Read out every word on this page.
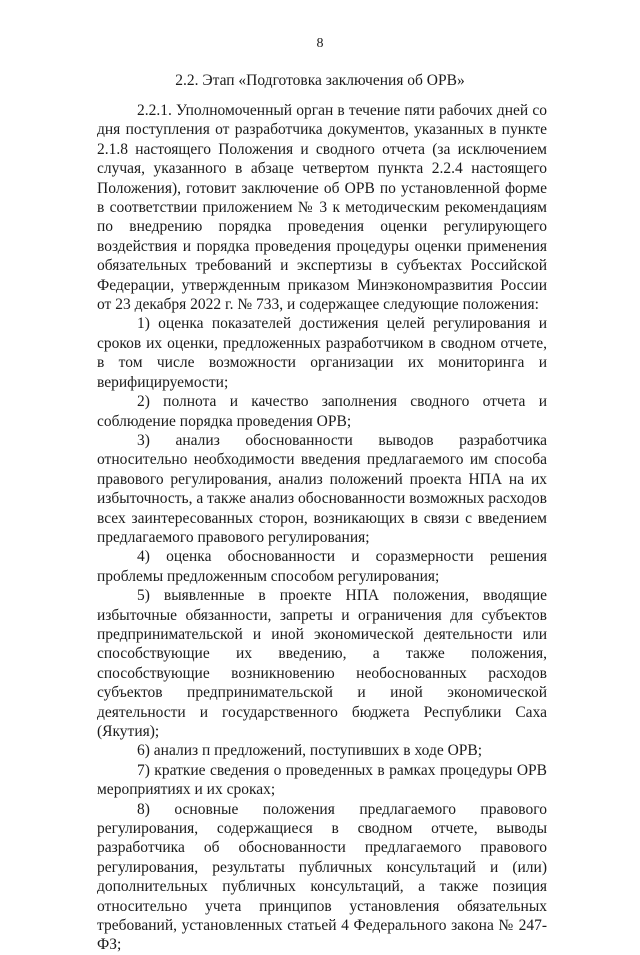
8
2.2. Этап «Подготовка заключения об ОРВ»

2.2.1. Уполномоченный орган в течение пяти рабочих дней со дня поступления от разработчика документов, указанных в пункте 2.1.8 настоящего Положения и сводного отчета (за исключением случая, указанного в абзаце четвертом пункта 2.2.4 настоящего Положения), готовит заключение об ОРВ по установленной форме в соответствии приложением № 3 к методическим рекомендациям по внедрению порядка проведения оценки регулирующего воздействия и порядка проведения процедуры оценки применения обязательных требований и экспертизы в субъектах Российской Федерации, утвержденным приказом Минэкономразвития России от 23 декабря 2022 г. № 733, и содержащее следующие положения:

1) оценка показателей достижения целей регулирования и сроков их оценки, предложенных разработчиком в сводном отчете, в том числе возможности организации их мониторинга и верифицируемости;

2) полнота и качество заполнения сводного отчета и соблюдение порядка проведения ОРВ;

3) анализ обоснованности выводов разработчика относительно необходимости введения предлагаемого им способа правового регулирования, анализ положений проекта НПА на их избыточность, а также анализ обоснованности возможных расходов всех заинтересованных сторон, возникающих в связи с введением предлагаемого правового регулирования;

4) оценка обоснованности и соразмерности решения проблемы предложенным способом регулирования;

5) выявленные в проекте НПА положения, вводящие избыточные обязанности, запреты и ограничения для субъектов предпринимательской и иной экономической деятельности или способствующие их введению, а также положения, способствующие возникновению необоснованных расходов субъектов предпринимательской и иной экономической деятельности и государственного бюджета Республики Саха (Якутия);

6) анализ п предложений, поступивших в ходе ОРВ;

7) краткие сведения о проведенных в рамках процедуры ОРВ мероприятиях и их сроках;

8) основные положения предлагаемого правового регулирования, содержащиеся в сводном отчете, выводы разработчика об обоснованности предлагаемого правового регулирования, результаты публичных консультаций и (или) дополнительных публичных консультаций, а также позиция относительно учета принципов установления обязательных требований, установленных статьей 4 Федерального закона № 247-ФЗ;
